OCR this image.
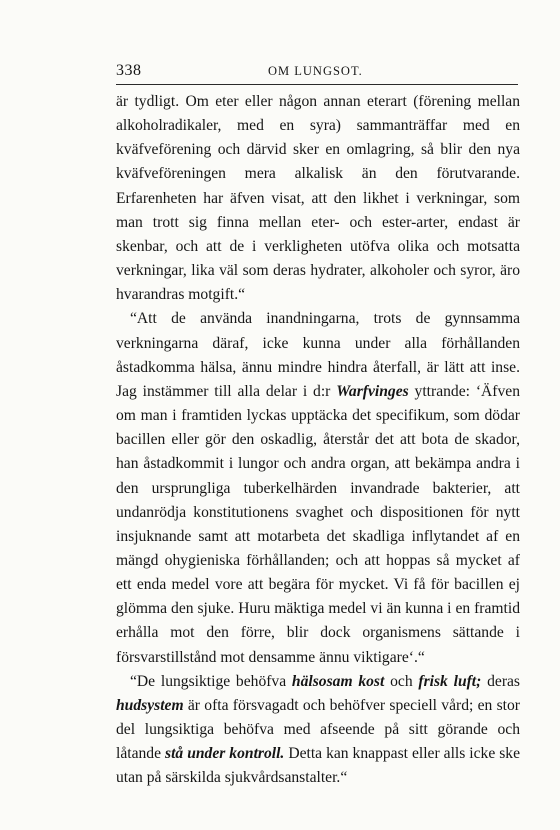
338	OM LUNGSOT.

är tydligt. Om eter eller någon annan eterart (förening mellan alkoholradikaler, med en syra) sammanträffar med en kväfveförening och därvid sker en omlagring, så blir den nya kväfveföreningen mera alkalisk än den förutvarande. Erfarenheten har äfven visat, att den likhet i verkningar, som man trott sig finna mellan eter- och ester-arter, endast är skenbar, och att de i verkligheten utöfva olika och motsatta verkningar, lika väl som deras hydrater, alkoholer och syror, äro hvarandras motgift.“

“Att de använda inandningarna, trots de gynnsamma verkningarna däraf, icke kunna under alla förhållanden åstadkomma hälsa, ännu mindre hindra återfall, är lätt att inse. Jag instämmer till alla delar i d:r Warfvinges yttrande: ‘Äfven om man i framtiden lyckas upptäcka det specifikum, som dödar bacillen eller gör den oskadlig, återstår det att bota de skador, han åstadkommit i lungor och andra organ, att bekämpa andra i den ursprungliga tuberkelhärden invandrade bakterier, att undanrödja konstitutionens svaghet och dispositionen för nytt insjuknande samt att motarbeta det skadliga inflytandet af en mängd ohygieniska förhållanden; och att hoppas så mycket af ett enda medel vore att begära för mycket. Vi få för bacillen ej glömma den sjuke. Huru mäktiga medel vi än kunna i en framtid erhålla mot den förre, blir dock organismens sättande i försvarstillstånd mot densamme ännu viktigare‘.“

“De lungsiktige behöfva hälsosam kost och frisk luft; deras hudsystem är ofta försvagadt och behöfver speciell vård; en stor del lungsiktiga behöfva med afseende på sitt görande och låtande stå under kontroll. Detta kan knappast eller alls icke ske utan på särskilda sjukvårdsanstalter.“
